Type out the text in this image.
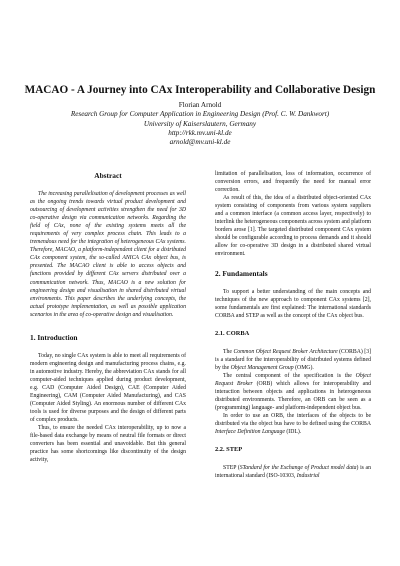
MACAO - A Journey into CAx Interoperability and Collaborative Design
Florian Arnold
Research Group for Computer Application in Engineering Design (Prof. C. W. Dankwort)
University of Kaiserslautern, Germany
http://rkk.mv.uni-kl.de
arnold@mv.uni-kl.de
Abstract

The increasing parallelisation of development processes as well as the ongoing trends towards virtual product development and outsourcing of development activities strengthen the need for 3D co-operative design via communication networks. Regarding the field of CAx, none of the existing systems meets all the requirements of very complex process chain. This leads to a tremendous need for the integration of heterogeneous CAx systems. Therefore, MACAO, a platform-independent client for a distributed CAx component system, the so-called ANICA CAx object bus, is presented. The MACAO client is able to access objects and functions provided by different CAx servers distributed over a communication network. Thus, MACAO is a new solution for engineering design and visualisation in shared distributed virtual environments. This paper describes the underlying concepts, the actual prototype implementation, as well as possible application scenarios in the area of co-operative design and visualisation.

1. Introduction

Today, no single CAx system is able to meet all requirements of modern engineering design and manufacturing process chains, e.g. in automotive industry. Hereby, the abbreviation CAx stands for all computer-aided techniques applied during product development, e.g. CAD (Computer Aided Design), CAE (Computer Aided Engineering), CAM (Computer Aided Manufacturing), and CAS (Computer Aided Styling). An enormous number of different CAx tools is used for diverse purposes and the design of different parts of complex products.

Thus, to ensure the needed CAx interoperability, up to now a file-based data exchange by means of neutral file formats or direct converters has been essential and unavoidable. But this general practice has some shortcomings like discontinuity of the design activity,

limitation of parallelisation, loss of information, occurrence of conversion errors, and frequently the need for manual error correction.

As result of this, the idea of a distributed object-oriented CAx system consisting of components from various system suppliers and a common interface (a common access layer, respectively) to interlink the heterogeneous components across system and platform borders arose [1]. The targeted distributed component CAx system should be configurable according to process demands and it should allow for co-operative 3D design in a distributed shared virtual environment.

2. Fundamentals

To support a better understanding of the main concepts and techniques of the new approach to component CAx systems [2], some fundamentals are first explained: The international standards CORBA and STEP as well as the concept of the CAx object bus.

2.1. CORBA

The Common Object Request Broker Architecture (CORBA) [3] is a standard for the interoperability of distributed systems defined by the Object Management Group (OMG).

The central component of the specification is the Object Request Broker (ORB) which allows for interoperability and interaction between objects and applications in heterogeneous distributed environments. Therefore, an ORB can be seen as a (programming) language- and platform-independent object bus.

In order to use an ORB, the interfaces of the objects to be distributed via the object bus have to be defined using the CORBA Interface Definition Language (IDL).

2.2. STEP

STEP (STandard for the Exchange of Product model data) is an international standard (ISO-10303, Industrial
